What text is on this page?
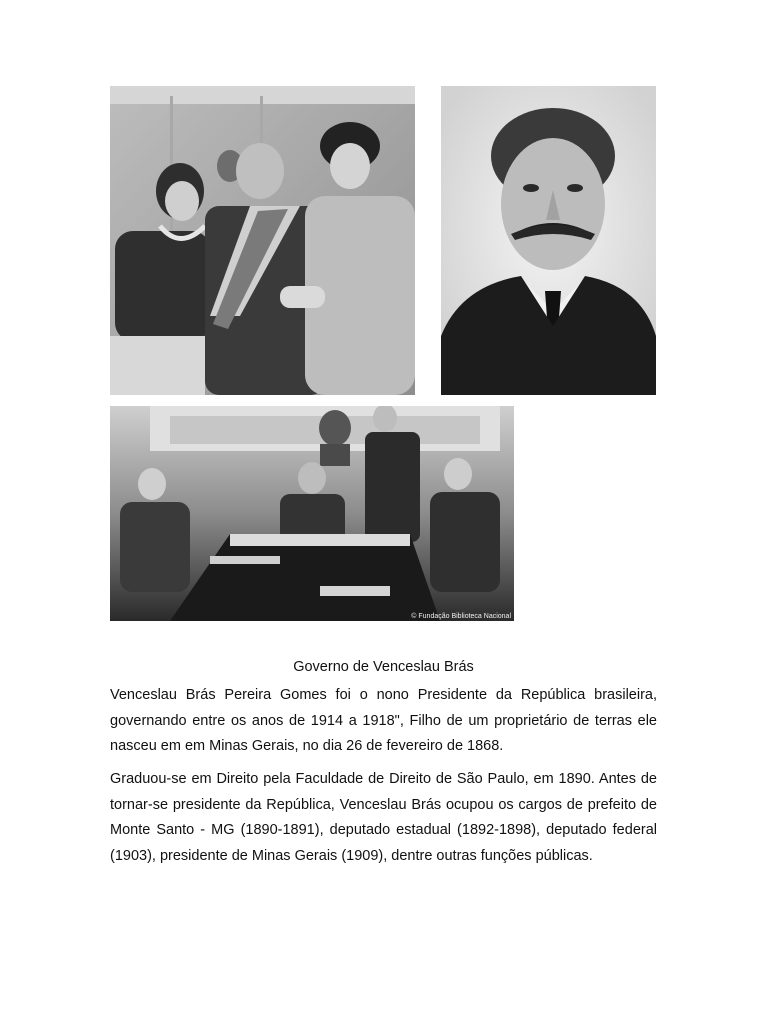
© Fundação Biblioteca Nacional
Governo de Venceslau Brás

Venceslau Brás Pereira Gomes foi o nono Presidente da República brasileira, governando entre os anos de 1914 a 1918", Filho de um proprietário de terras ele nasceu em em Minas Gerais, no dia 26 de fevereiro de 1868.

Graduou-se em Direito pela Faculdade de Direito de São Paulo, em 1890. Antes de tornar-se presidente da República, Venceslau Brás ocupou os cargos de prefeito de Monte Santo - MG (1890-1891), deputado estadual (1892-1898), deputado federal (1903), presidente de Minas Gerais (1909), dentre outras funções públicas.
